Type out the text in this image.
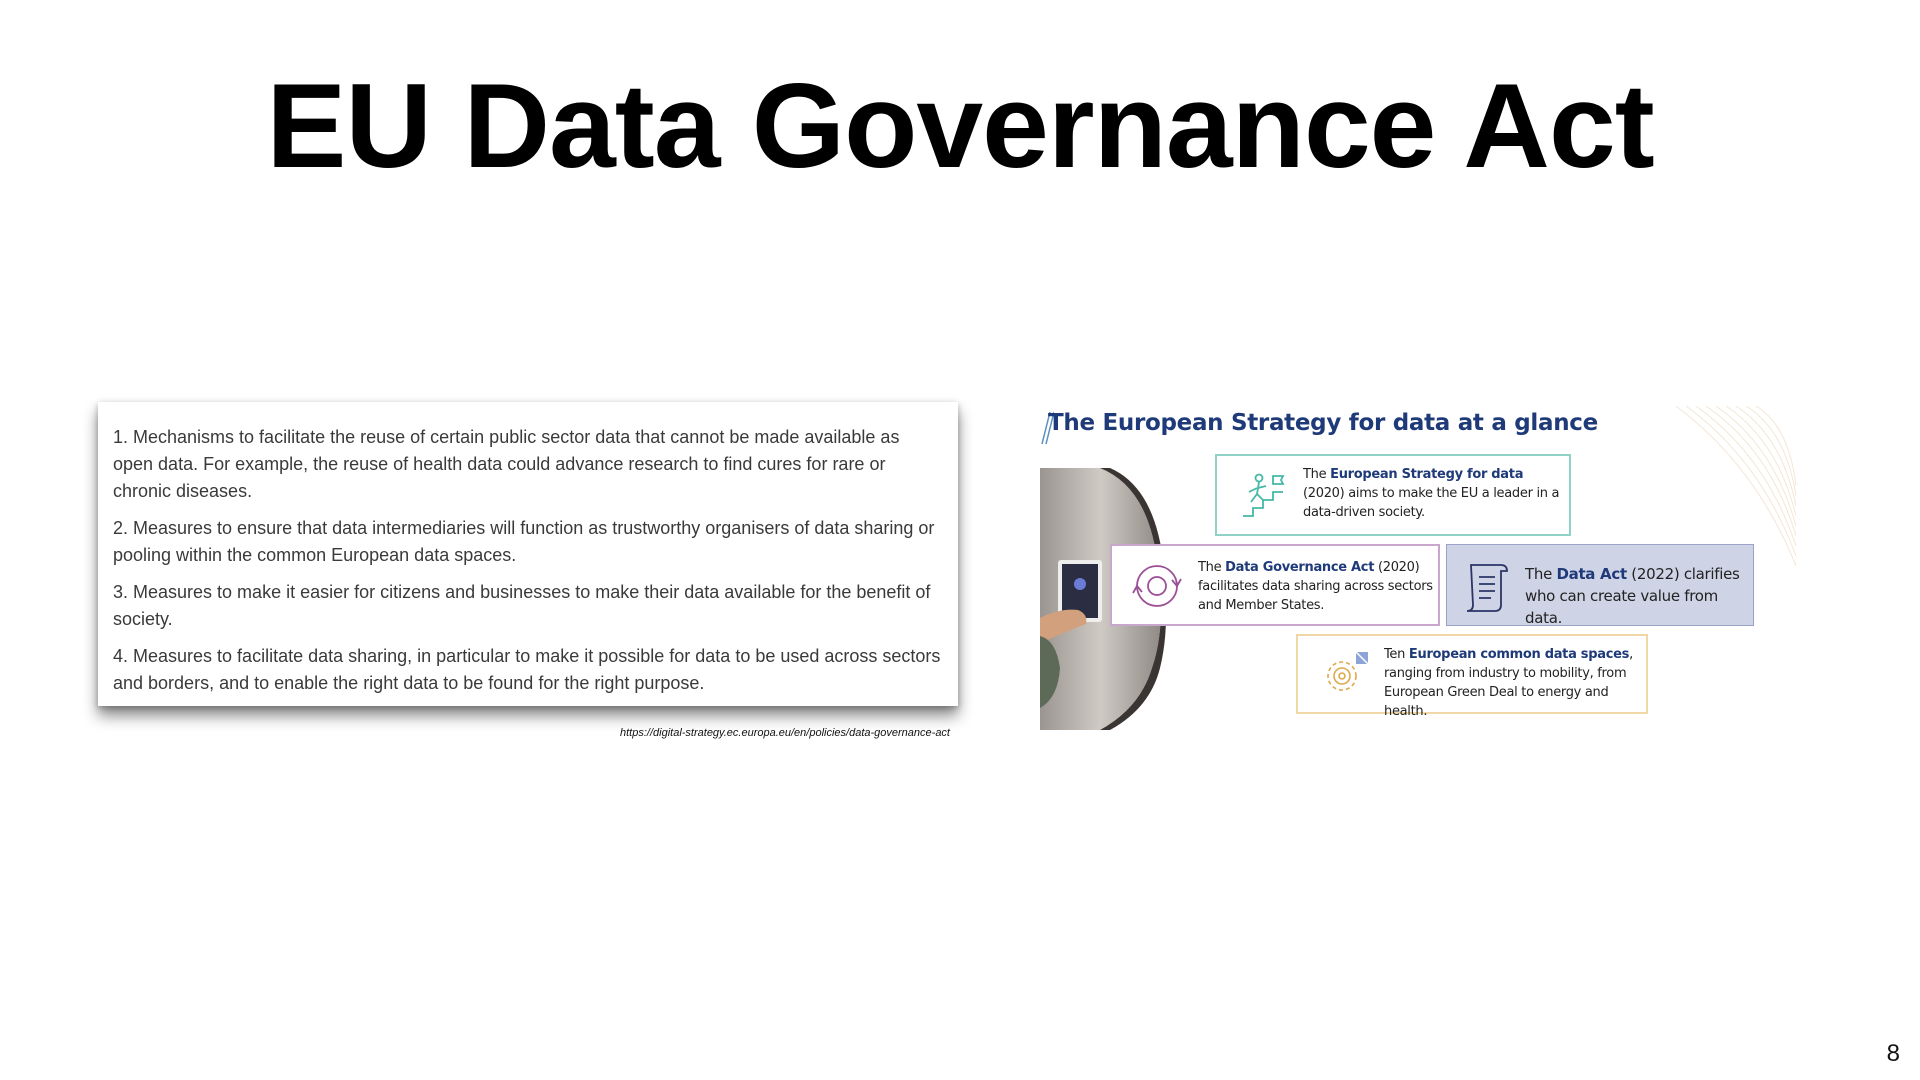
EU Data Governance Act

1. Mechanisms to facilitate the reuse of certain public sector data that cannot be made available as open data. For example, the reuse of health data could advance research to find cures for rare or chronic diseases.

2. Measures to ensure that data intermediaries will function as trustworthy organisers of data sharing or pooling within the common European data spaces.

3. Measures to make it easier for citizens and businesses to make their data available for the benefit of society.

4. Measures to facilitate data sharing, in particular to make it possible for data to be used across sectors and borders, and to enable the right data to be found for the right purpose.

https://digital-strategy.ec.europa.eu/en/policies/data-governance-act
The European Strategy for data at a glance
The European Strategy for data (2020) aims to make the EU a leader in a data-driven society.
The Data Governance Act (2020) facilitates data sharing across sectors and Member States.
The Data Act (2022) clarifies who can create value from data.
Ten European common data spaces, ranging from industry to mobility, from European Green Deal to energy and health.
8
